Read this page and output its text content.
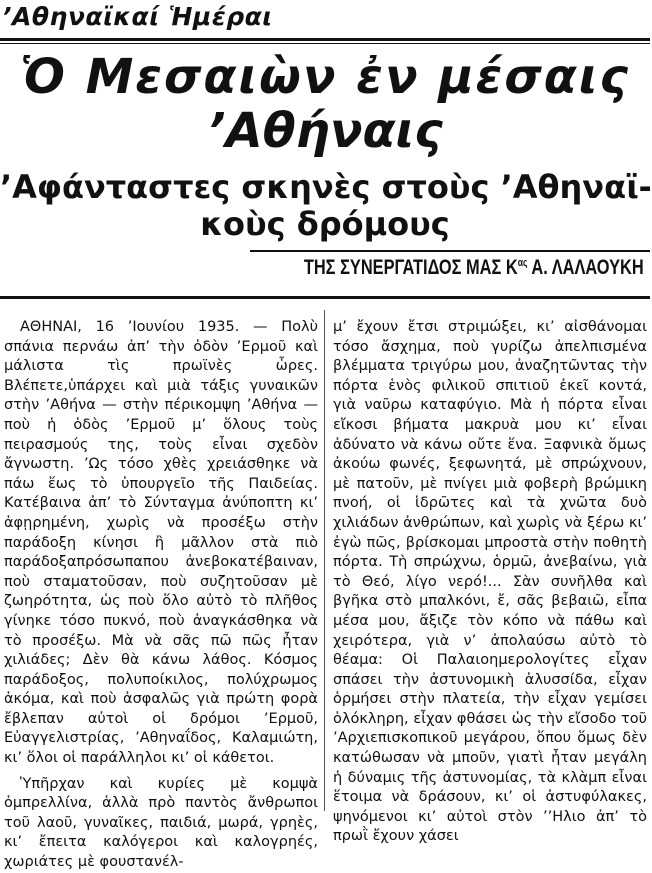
’Αθηναϊκαί Ἡμέραι
Ὁ Μεσαιὼν ἐν μέσαις
’Αθήναις
’Αφάνταστες σκηνὲς στοὺς ’Αθηναϊ-
κοὺς δρόμους
ΤΗΣ ΣΥΝΕΡΓΑΤΙΔΟΣ ΜΑΣ $K^{\alpha\varsigma}$ Α. ΛΑΛΑΟΥΚΗ

ΑΘΗΝΑΙ, 16 ’Ιουνίου 1935. — Πολὺ σπάνια περνάω ἀπ’ τὴν ὁδὸν ’Ερμοῦ καὶ μάλιστα τὶς πρωϊνὲς ὧρες. Βλέπετε,ὑπάρχει καὶ μιὰ τάξις γυναικῶν στὴν ’Αθήνα — στὴν πέρικομψη ’Αθήνα — ποὺ ἡ ὁδὸς ’Ερμοῦ μ’ ὅλους τοὺς πειρασμούς της, τοὺς εἶναι σχεδὸν ἄγνωστη. ’Ως τόσο χθὲς χρειάσθηκε νὰ πάω ἕως τὸ ὑπουργεῖο τῆς Παιδείας. Κατέβαινα ἀπ’ τὸ Σύνταγμα ἀνύποπτη κι’ ἀφῃρημένη, χωρὶς νὰ προσέξω στὴν παράδοξη κίνησι ἢ μᾶλλον στὰ πιὸ παράδοξαπρόσωπαπου ἀνεβοκατέβαιναν, ποὺ σταματοῦσαν, ποὺ συζητοῦσαν μὲ ζωηρότητα, ὡς ποὺ ὅλο αὐτὸ τὸ πλῆθος γίνηκε τόσο πυκνό, ποὺ ἀναγκάσθηκα νὰ τὸ προσέξω. Μὰ νὰ σᾶς πῶ πῶς ἦταν χιλιάδες; Δὲν θὰ κάνω λάθος. Κόσμος παράδοξος, πολυποίκιλος, πολύχρωμος ἀκόμα, καὶ ποὺ ἀσφαλῶς γιὰ πρώτη φορὰ ἔβλεπαν αὐτοὶ οἱ δρόμοι ’Ερμοῦ, Εὐαγγελιστρίας, ’Αθηναΐδος, Καλαμιώτη, κι’ ὅλοι οἱ παράλληλοι κι’ οἱ κάθετοι.

Ὑπῆρχαν καὶ κυρίες μὲ κομψὰ ὀμπρελλίνα, ἀλλὰ πρὸ παντὸς ἄνθρωποι τοῦ λαοῦ, γυναῖκες, παιδιά, μωρά, γρηὲς, κι’ ἔπειτα καλόγεροι καὶ καλογρηές, χωριάτες μὲ φουστανέλ-

μ’ ἔχουν ἔτσι στριμώξει, κι’ αἰσθάνομαι τόσο ἄσχημα, ποὺ γυρίζω ἀπελπισμένα βλέμματα τριγύρω μου, ἀναζητῶντας τὴν πόρτα ἑνὸς φιλικοῦ σπιτιοῦ ἐκεῖ κοντά, γιὰ ναῦρω καταφύγιο. Μὰ ἡ πόρτα εἶναι εἴκοσι βήματα μακρυὰ μου κι’ εἶναι ἀδύνατο νὰ κάνω οὔτε ἕνα. Ξαφνικὰ ὅμως ἀκούω φωνές, ξεφωνητά, μὲ σπρώχνουν, μὲ πατοῦν, μὲ πνίγει μιὰ φοβερὴ βρώμικη πνοή, οἱ ἱδρῶτες καὶ τὰ χνῶτα δυὸ χιλιάδων ἀνθρώπων, καὶ χωρὶς νὰ ξέρω κι’ ἐγὼ πῶς, βρίσκομαι μπροστὰ στὴν ποθητὴ πόρτα. Τὴ σπρώχνω, ὁρμῶ, ἀνεβαίνω, γιὰ τὸ Θεό, λίγο νερό!... Σὰν συνῆλθα καὶ βγῆκα στὸ μπαλκόνι, ἔ, σᾶς βεβαιῶ, εἶπα μέσα μου, ἄξιζε τὸν κόπο νὰ πάθω καὶ χειρότερα, γιὰ ν’ ἀπολαύσω αὐτὸ τὸ θέαμα: Οἱ Παλαιοημερολογίτες εἶχαν σπάσει τὴν ἀστυνομικὴ ἁλυσσίδα, εἶχαν ὁρμήσει στὴν πλατεία, τὴν εἶχαν γεμίσει ὁλόκληρη, εἶχαν φθάσει ὡς τὴν εἴσοδο τοῦ ’Αρχιεπισκοπικοῦ μεγάρου, ὅπου ὅμως δὲν κατώθωσαν νὰ μποῦν, γιατὶ ἦταν μεγάλη ἡ δύναμις τῆς ἀστυνομίας, τὰ κλὰμπ εἶναι ἕτοιμα νὰ δράσουν, κι’ οἱ ἀστυφύλακες, ψηνόμενοι κι’ αὐτοὶ στὸν ’’Ηλιο ἀπ’ τὸ πρωῒ ἔχουν χάσει
